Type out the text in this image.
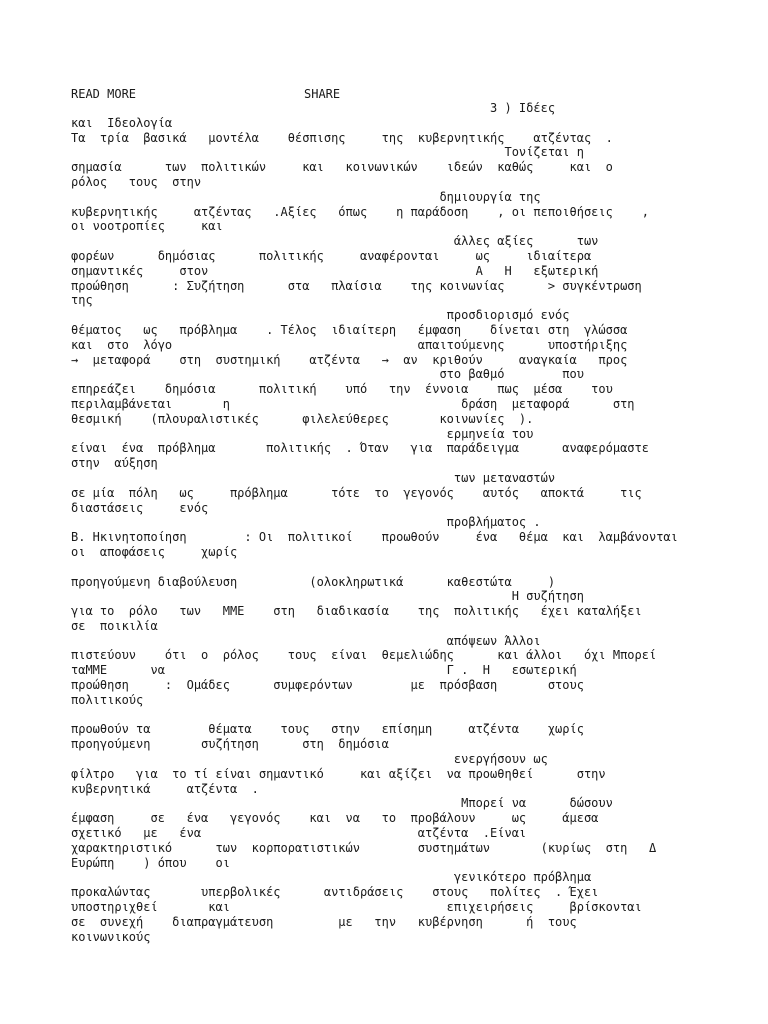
READ MORE	SHARE
3 ) Ιδέες
και  Ιδεολογία
Τα  τρία  βασικά   μοντέλα    θέσπισης     της  κυβερνητικής    ατζέντας  .
Τονίζεται η
σημασία      των  πολιτικών     και   κοινωνικών    ιδεών  καθώς     και  ο
ρόλος   τους  στην
δημιουργία της
κυβερνητικής     ατζέντας   .Αξίες   όπως    η παράδοση    , οι πεποιθήσεις    ,
οι νοοτροπίες     και
άλλες αξίες      των
φορέων      δημόσιας      πολιτικής     αναφέρονται     ως     ιδιαίτερα
σημαντικές     στον                                     Α   Η   εξωτερική
προώθηση      : Συζήτηση      στα   πλαίσια    της κοινωνίας      > συγκέντρωση
της
προσδιορισμό ενός
θέματος   ως   πρόβλημα    . Τέλος  ιδιαίτερη   έμφαση    δίνεται στη  γλώσσα
και  στο  λόγο                                  απαιτούμενης      υποστήριξης
→  μεταφορά    στη  συστημική    ατζέντα   →  αν  κριθούν     αναγκαία   προς
στο βαθμό        που
επηρεάζει    δημόσια      πολιτική    υπό   την  έννοια    πως  μέσα    του
περιλαμβάνεται       η                                δράση  μεταφορά      στη
θεσμική    (πλουραλιστικές      φιλελεύθερες       κοινωνίες  ).
ερμηνεία του
είναι  ένα  πρόβλημα       πολιτικής  . Όταν   για  παράδειγμα      αναφερόμαστε
στην  αύξηση
των μεταναστών
σε μία  πόλη   ως     πρόβλημα      τότε  το  γεγονός    αυτός   αποκτά     τις
διαστάσεις     ενός
προβλήματος .
Β. Ηκινητοποίηση        : Οι  πολιτικοί    προωθούν     ένα   θέμα  και  λαμβάνονται
οι  αποφάσεις     χωρίς
προηγούμενη διαβούλευση          (ολοκληρωτικά      καθεστώτα     )
Η συζήτηση
για το  ρόλο   των   ΜΜΕ    στη   διαδικασία    της  πολιτικής   έχει καταλήξει
σε  ποικιλία
απόψεων Άλλοι
πιστεύουν    ότι  ο  ρόλος    τους  είναι  θεμελιώδης      και άλλοι   όχι Μπορεί
ταΜΜΕ      να                                       Γ .  Η   εσωτερική
προώθηση     :  Ομάδες      συμφερόντων        με  πρόσβαση       στους
πολιτικούς
προωθούν τα        θέματα    τους   στην   επίσημη     ατζέντα    χωρίς
προηγούμενη       συζήτηση      στη  δημόσια
ενεργήσουν ως
φίλτρο   για  το τί είναι σημαντικό     και αξίζει  να προωθηθεί      στην
κυβερνητικά     ατζέντα  .
Μπορεί να      δώσουν
έμφαση     σε   ένα   γεγονός    και  να   το  προβάλουν     ως     άμεσα
σχετικό   με   ένα                              ατζέντα  .Είναι
χαρακτηριστικό      των  κορπορατιστικών        συστημάτων       (κυρίως  στη   Δ
Ευρώπη    ) όπου    οι
γενικότερο πρόβλημα
προκαλώντας       υπερβολικές      αντιδράσεις    στους   πολίτες  . Έχει
υποστηριχθεί       και                              επιχειρήσεις     βρίσκονται
σε  συνεχή    διαπραγμάτευση         με   την   κυβέρνηση      ή  τους
κοινωνικούς
